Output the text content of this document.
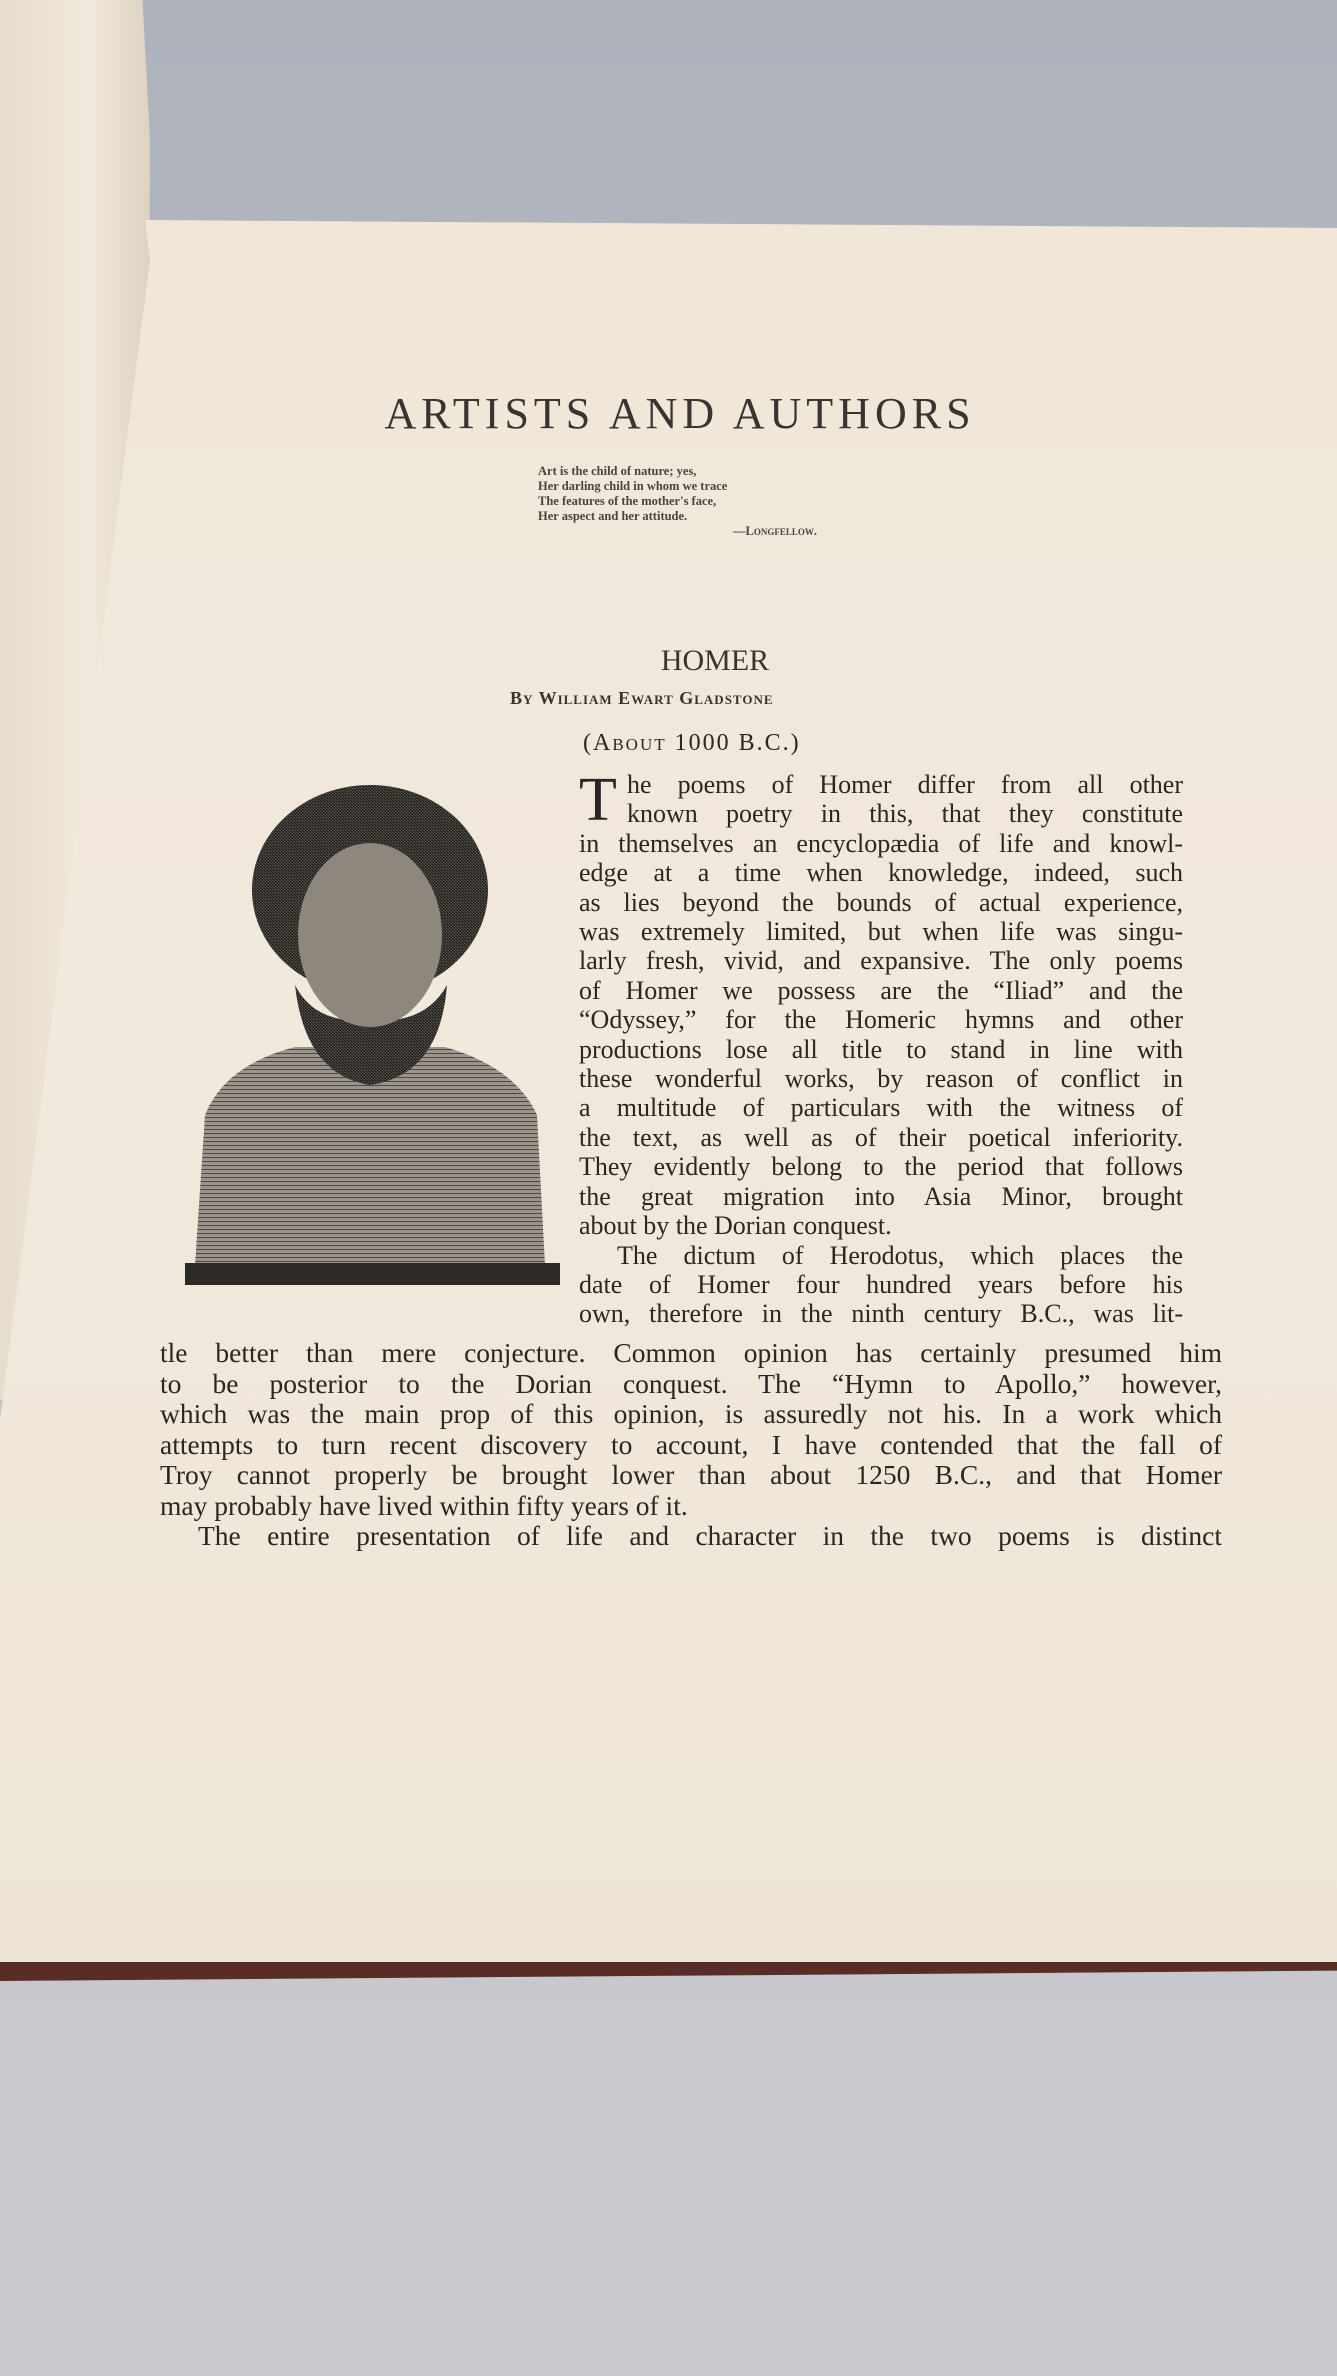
ARTISTS AND AUTHORS
Art is the child of nature; yes,
Her darling child in whom we trace
The features of the mother's face,
Her aspect and her attitude.
—Longfellow.
HOMER
By William Ewart Gladstone
(About 1000 B.C.)
T he poems of Homer differ from all other
known poetry in this, that they constitute
in themselves an encyclopædia of life and knowl-
edge at a time when knowledge, indeed, such
as lies beyond the bounds of actual experience,
was extremely limited, but when life was singu-
larly fresh, vivid, and expansive. The only poems
of Homer we possess are the “Iliad” and the
“Odyssey,” for the Homeric hymns and other
productions lose all title to stand in line with
these wonderful works, by reason of conflict in
a multitude of particulars with the witness of
the text, as well as of their poetical inferiority.
They evidently belong to the period that follows
the great migration into Asia Minor, brought
about by the Dorian conquest.
The dictum of Herodotus, which places the
date of Homer four hundred years before his
own, therefore in the ninth century B.C., was lit-
tle better than mere conjecture. Common opinion has certainly presumed him
to be posterior to the Dorian conquest. The “Hymn to Apollo,” however,
which was the main prop of this opinion, is assuredly not his. In a work which
attempts to turn recent discovery to account, I have contended that the fall of
Troy cannot properly be brought lower than about 1250 B.C., and that Homer
may probably have lived within fifty years of it.
The entire presentation of life and character in the two poems is distinct
